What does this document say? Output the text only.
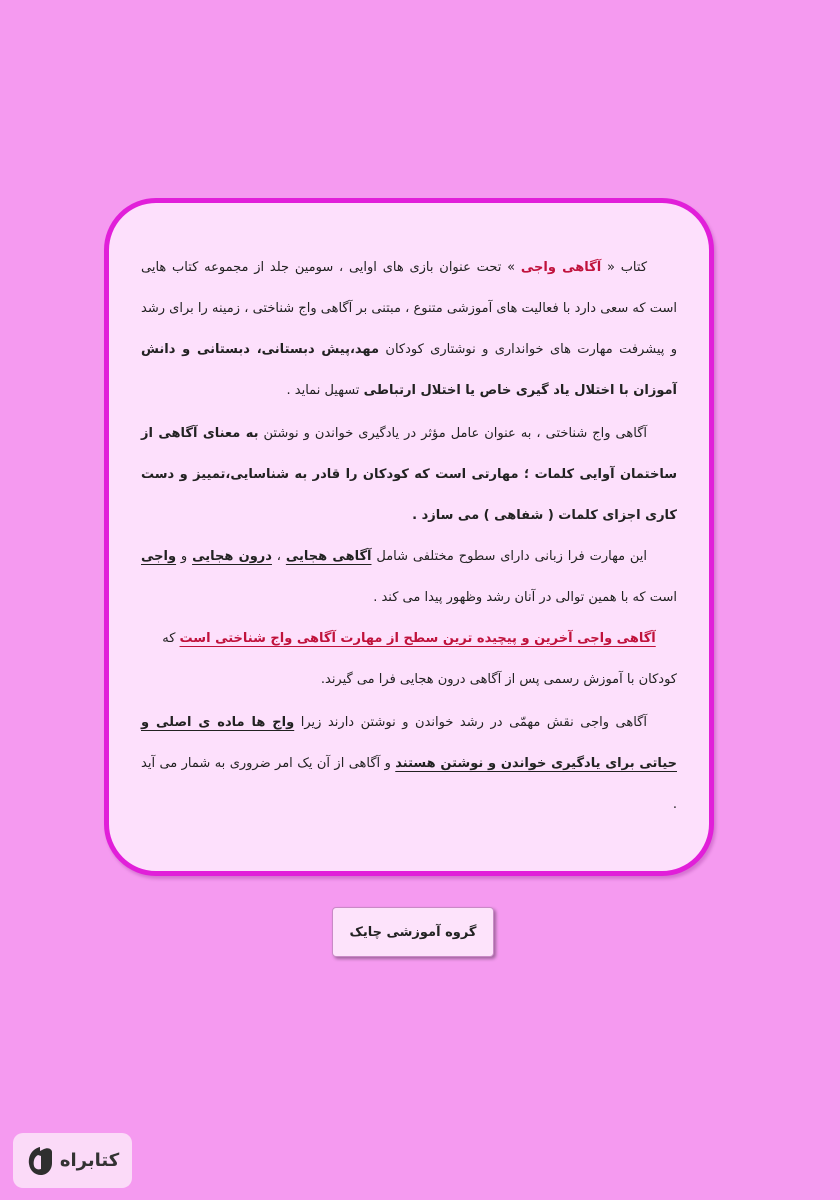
کتاب « آگاهی واجی » تحت عنوان بازی های اوایی ، سومین جلد از مجموعه کتاب هایی است که سعی دارد با فعالیت های آموزشی متنوع ، مبتنی بر آگاهی واج شناختی ، زمینه را برای رشد و پیشرفت مهارت های خوانداری و نوشتاری کودکان مهد،پیش دبستانی، دبستانی و دانش آموزان با اختلال یاد گیری خاص یا اختلال ارتباطی تسهیل نماید .

آگاهی واج شناختی ، به عنوان عامل مؤثر در یادگیری خواندن و نوشتن به معنای آگاهی از ساختمان آوایی کلمات ؛ مهارتی است که کودکان را قادر به شناسایی،تمییز و دست کاری اجزای کلمات ( شفاهی ) می سازد .

این مهارت فرا زبانی دارای سطوح مختلفی شامل آگاهی هجایی ، درون هجایی و واجی است که با همین توالی در آنان رشد وظهور پیدا می کند .

آگاهی واجی آخرین و پیچیده ترین سطح از مهارت آگاهی واج شناختی است که

کودکان با آموزش رسمی پس از آگاهی درون هجایی فرا می گیرند.

آگاهی واجی نقش مهمّی در رشد خواندن و نوشتن دارند زیرا واج ها ماده ی اصلی و حیاتی برای یادگیری خواندن و نوشتن هستند و آگاهی از آن یک امر ضروری به شمار می آید .

گروه آموزشی چایک
کتابراه
